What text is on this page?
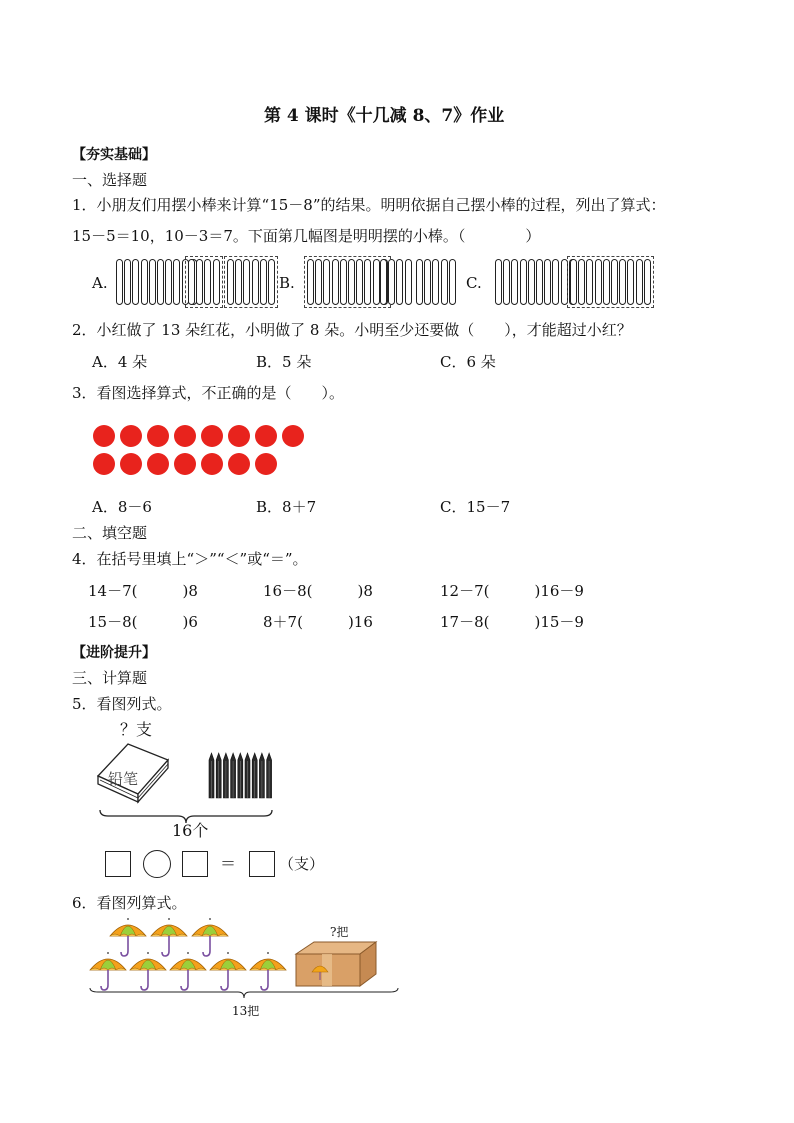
第 4 课时《十几减 8、7》作业
【夯实基础】
一、选择题
1．小朋友们用摆小棒来计算“15－8”的结果。明明依据自己摆小棒的过程，列出了算式：
15－5＝10，10－3＝7。下面第几幅图是明明摆的小棒。（　　　　）
A.	B.	C.
2．小红做了 13 朵红花，小明做了 8 朵。小明至少还要做（　　），才能超过小红？
A．4 朵	B．5 朵	C．6 朵
3．看图选择算式，不正确的是（　　）。
A．8－6	B．8＋7	C．15－7
二、填空题
4．在括号里填上“＞”“＜”或“＝”。
14－7(　　　)8	16－8(　　　)8	12－7(　　　)16－9
15－8(　　　)6	8＋7(　　　)16	17－8(　　　)15－9
【进阶提升】
三、计算题
5．看图列式。
？支
铅笔
16个
＝	（支）
6．看图列算式。
?把
13把
